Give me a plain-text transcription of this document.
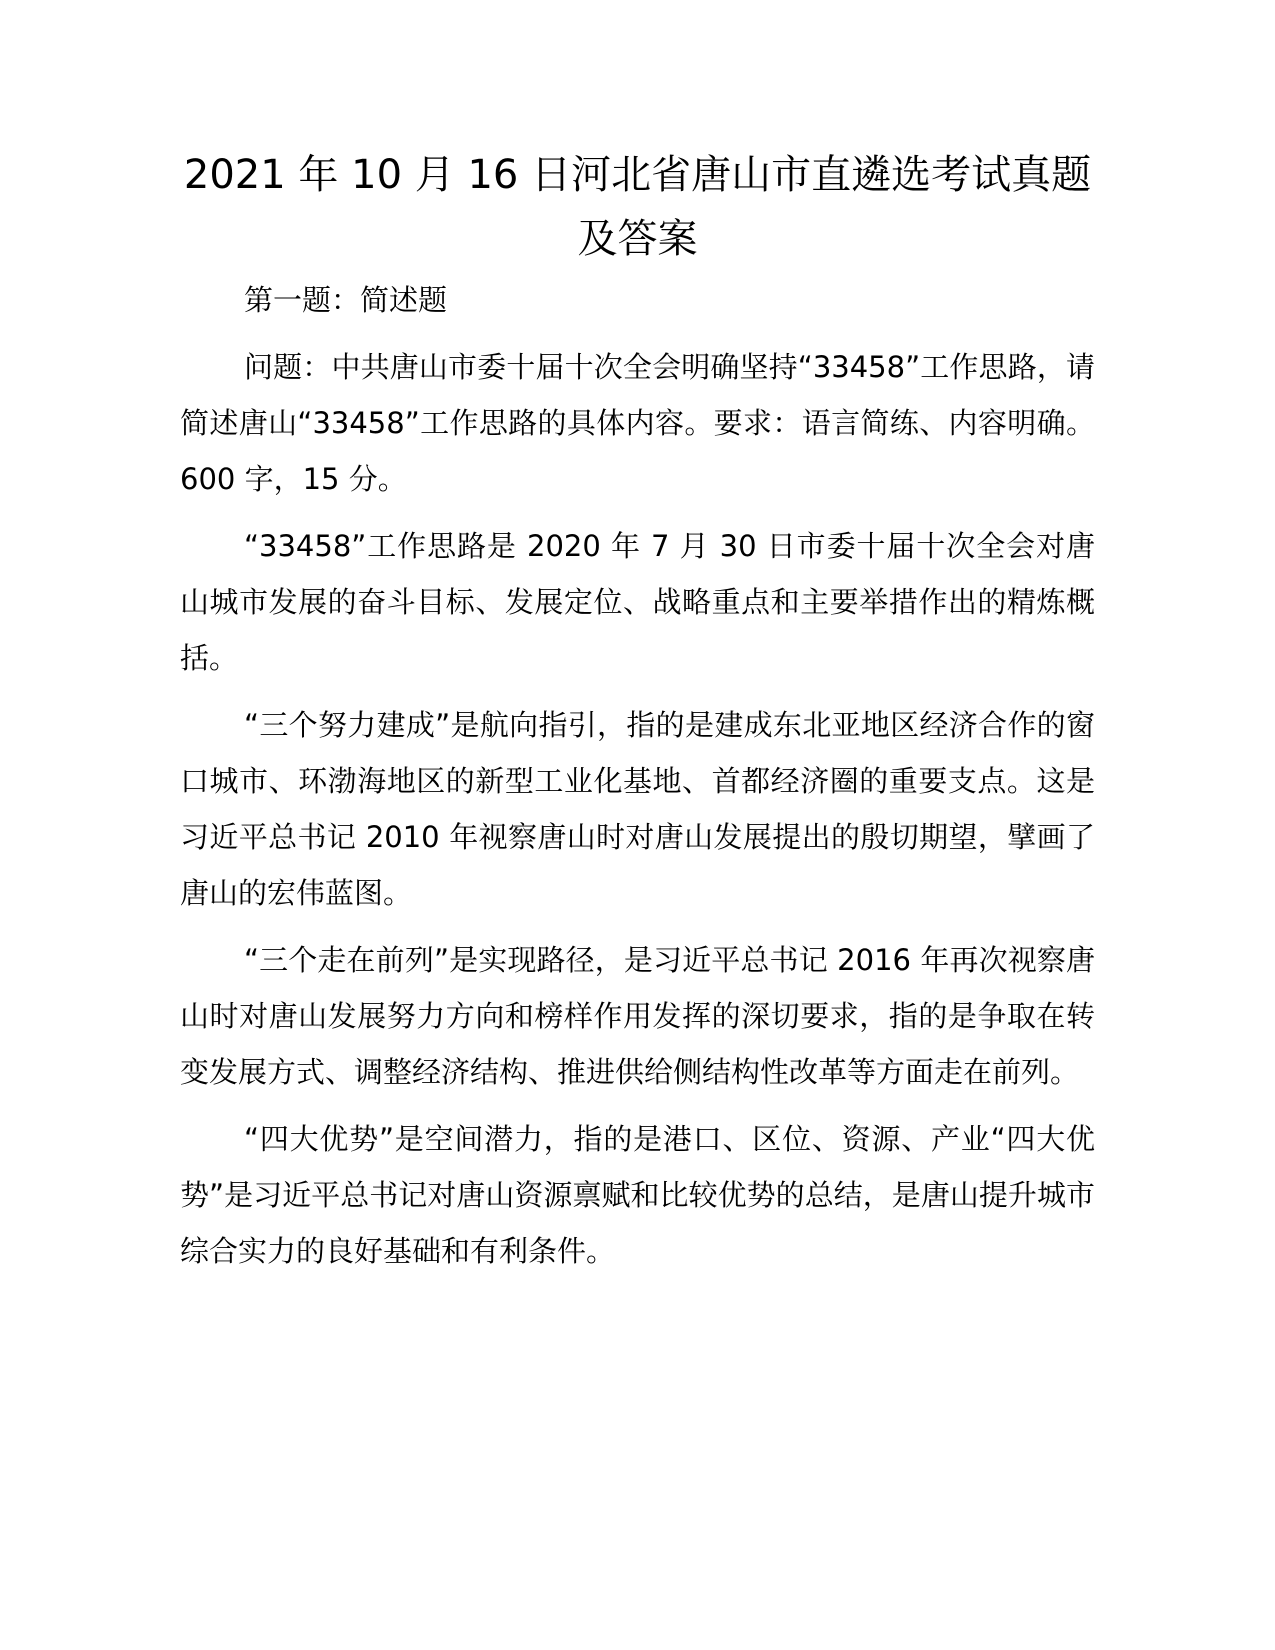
2021 年 10 月 16 日河北省唐山市直遴选考试真题及答案

第一题：简述题

问题：中共唐山市委十届十次全会明确坚持“33458”工作思路，请简述唐山“33458”工作思路的具体内容。要求：语言简练、内容明确。600 字，15 分。

“33458”工作思路是 2020 年 7 月 30 日市委十届十次全会对唐山城市发展的奋斗目标、发展定位、战略重点和主要举措作出的精炼概括。

“三个努力建成”是航向指引，指的是建成东北亚地区经济合作的窗口城市、环渤海地区的新型工业化基地、首都经济圈的重要支点。这是习近平总书记 2010 年视察唐山时对唐山发展提出的殷切期望，擘画了唐山的宏伟蓝图。

“三个走在前列”是实现路径，是习近平总书记 2016 年再次视察唐山时对唐山发展努力方向和榜样作用发挥的深切要求，指的是争取在转变发展方式、调整经济结构、推进供给侧结构性改革等方面走在前列。

“四大优势”是空间潜力，指的是港口、区位、资源、产业“四大优势”是习近平总书记对唐山资源禀赋和比较优势的总结，是唐山提升城市综合实力的良好基础和有利条件。
